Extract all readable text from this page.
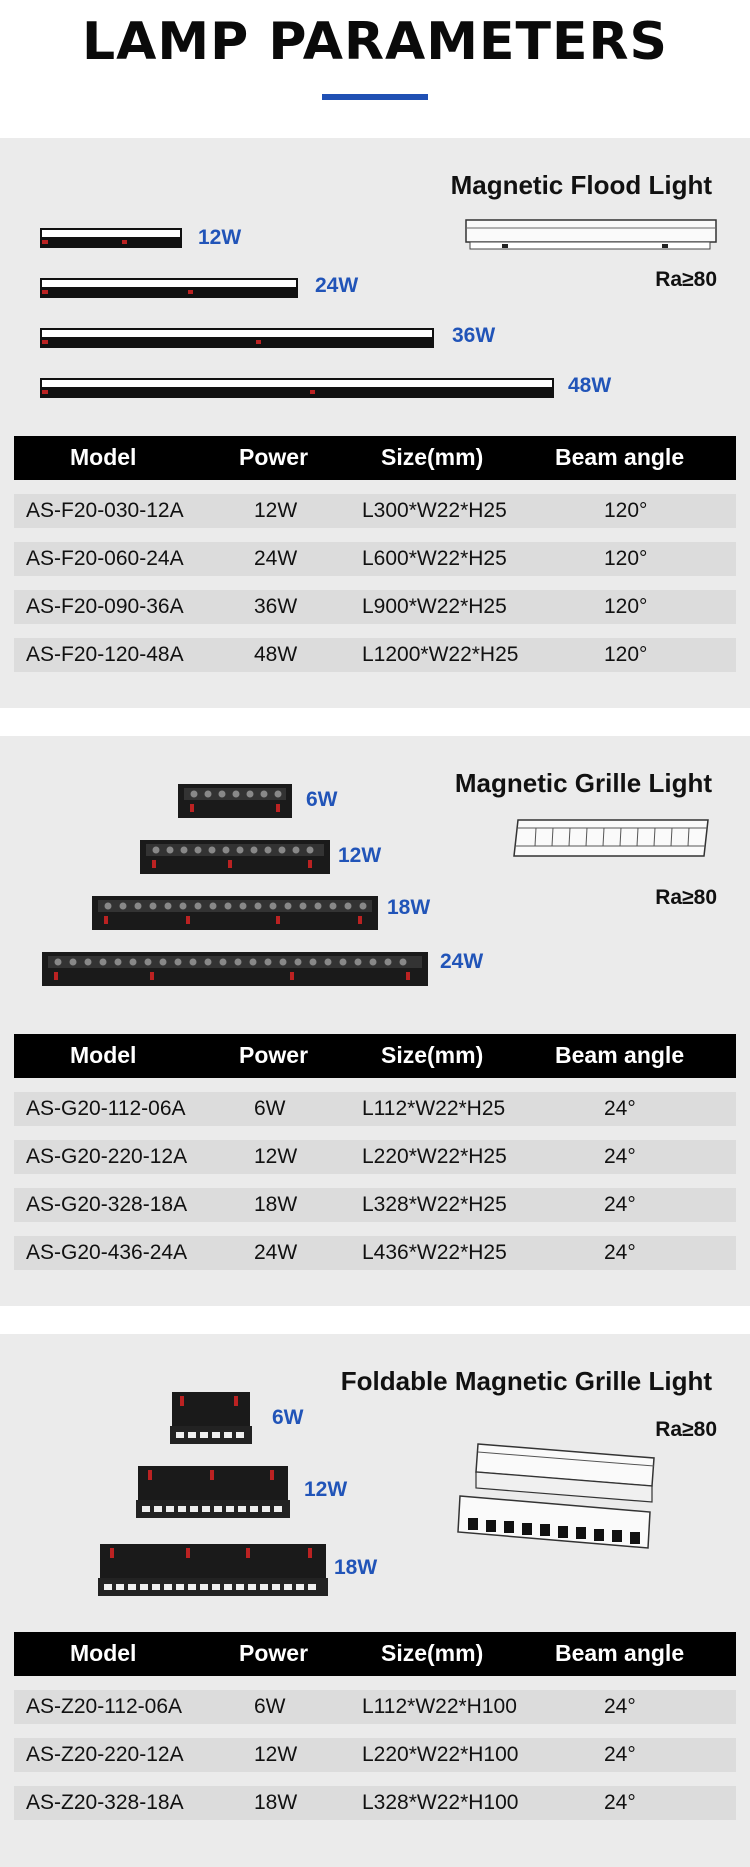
LAMP PARAMETERS
Magnetic Flood Light
Ra≥80
12W
24W
36W
48W
Model	Power	Size(mm)	Beam angle
AS-F20-030-12A	12W	L300*W22*H25	120°
AS-F20-060-24A	24W	L600*W22*H25	120°
AS-F20-090-36A	36W	L900*W22*H25	120°
AS-F20-120-48A	48W	L1200*W22*H25	120°
Magnetic Grille Light
Ra≥80
6W
12W
18W
24W
Model	Power	Size(mm)	Beam angle
AS-G20-112-06A	6W	L112*W22*H25	24°
AS-G20-220-12A	12W	L220*W22*H25	24°
AS-G20-328-18A	18W	L328*W22*H25	24°
AS-G20-436-24A	24W	L436*W22*H25	24°
Foldable Magnetic Grille Light
Ra≥80
6W
12W
18W
Model	Power	Size(mm)	Beam angle
AS-Z20-112-06A	6W	L112*W22*H100	24°
AS-Z20-220-12A	12W	L220*W22*H100	24°
AS-Z20-328-18A	18W	L328*W22*H100	24°
